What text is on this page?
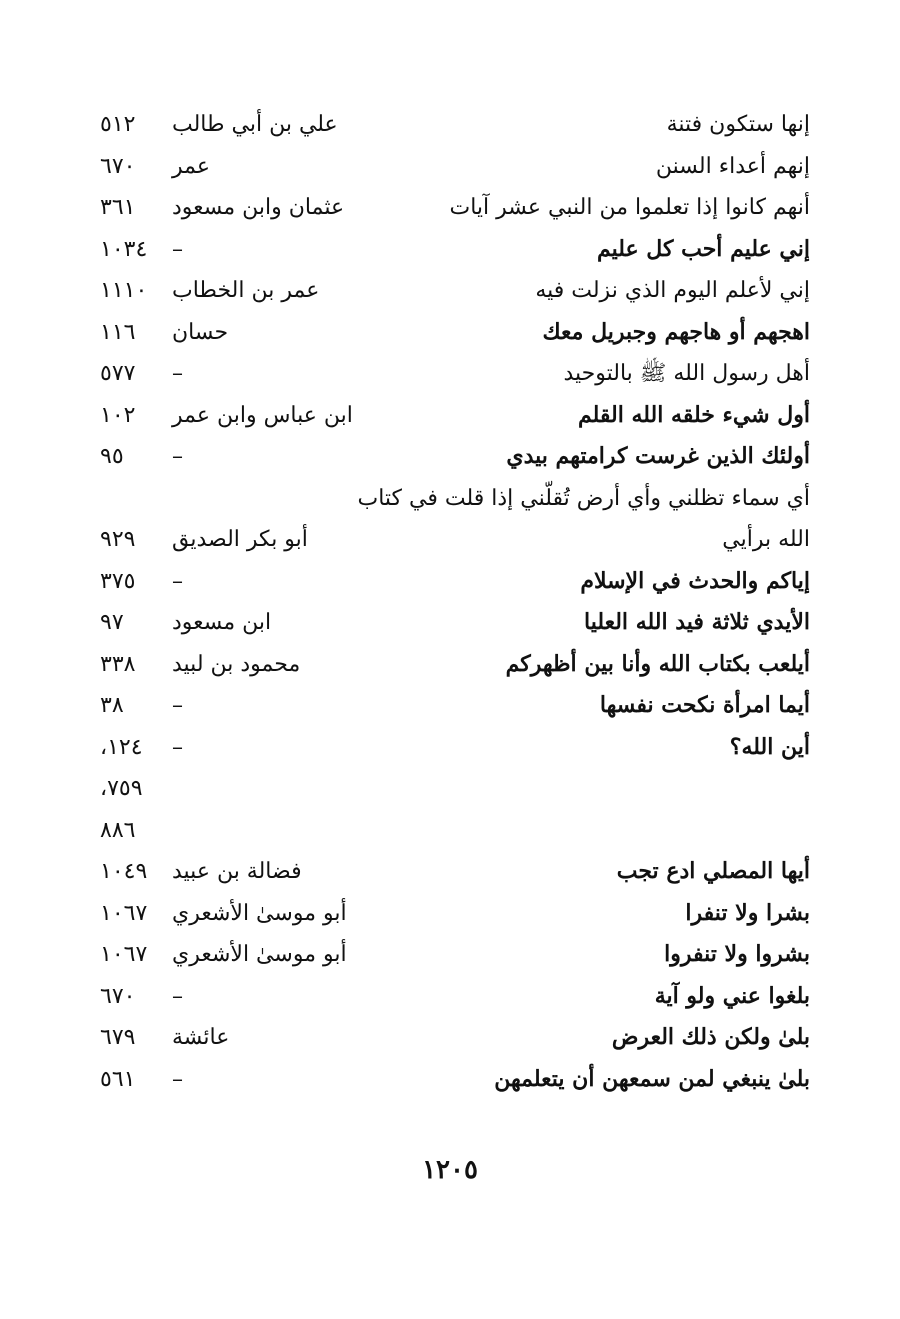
إنها ستكون فتنة
علي بن أبي طالب
٥١٢
إنهم أعداء السنن
عمر
٦٧٠
أنهم كانوا إذا تعلموا من النبي عشر آيات
عثمان وابن مسعود
٣٦١
إني عليم أحب كل عليم
–
١٠٣٤
إني لأعلم اليوم الذي نزلت فيه
عمر بن الخطاب
١١١٠
اهجهم أو هاجهم وجبريل معك
حسان
١١٦
أهل رسول الله ﷺ بالتوحيد
–
٥٧٧
أول شيء خلقه الله القلم
ابن عباس وابن عمر
١٠٢
أولئك الذين غرست كرامتهم بيدي
–
٩٥
أي سماء تظلني وأي أرض تُقلّني إذا قلت في كتاب
الله برأيي
أبو بكر الصديق
٩٢٩
إياكم والحدث في الإسلام
–
٣٧٥
الأيدي ثلاثة فيد الله العليا
ابن مسعود
٩٧
أيلعب بكتاب الله وأنا بين أظهركم
محمود بن لبيد
٣٣٨
أيما امرأة نكحت نفسها
–
٣٨
أين الله؟
–
١٢٤،
٧٥٩،
٨٨٦
أيها المصلي ادع تجب
فضالة بن عبيد
١٠٤٩
بشرا ولا تنفرا
أبو موسىٰ الأشعري
١٠٦٧
بشروا ولا تنفروا
أبو موسىٰ الأشعري
١٠٦٧
بلغوا عني ولو آية
–
٦٧٠
بلىٰ ولكن ذلك العرض
عائشة
٦٧٩
بلىٰ ينبغي لمن سمعهن أن يتعلمهن
–
٥٦١
١٢٠٥
